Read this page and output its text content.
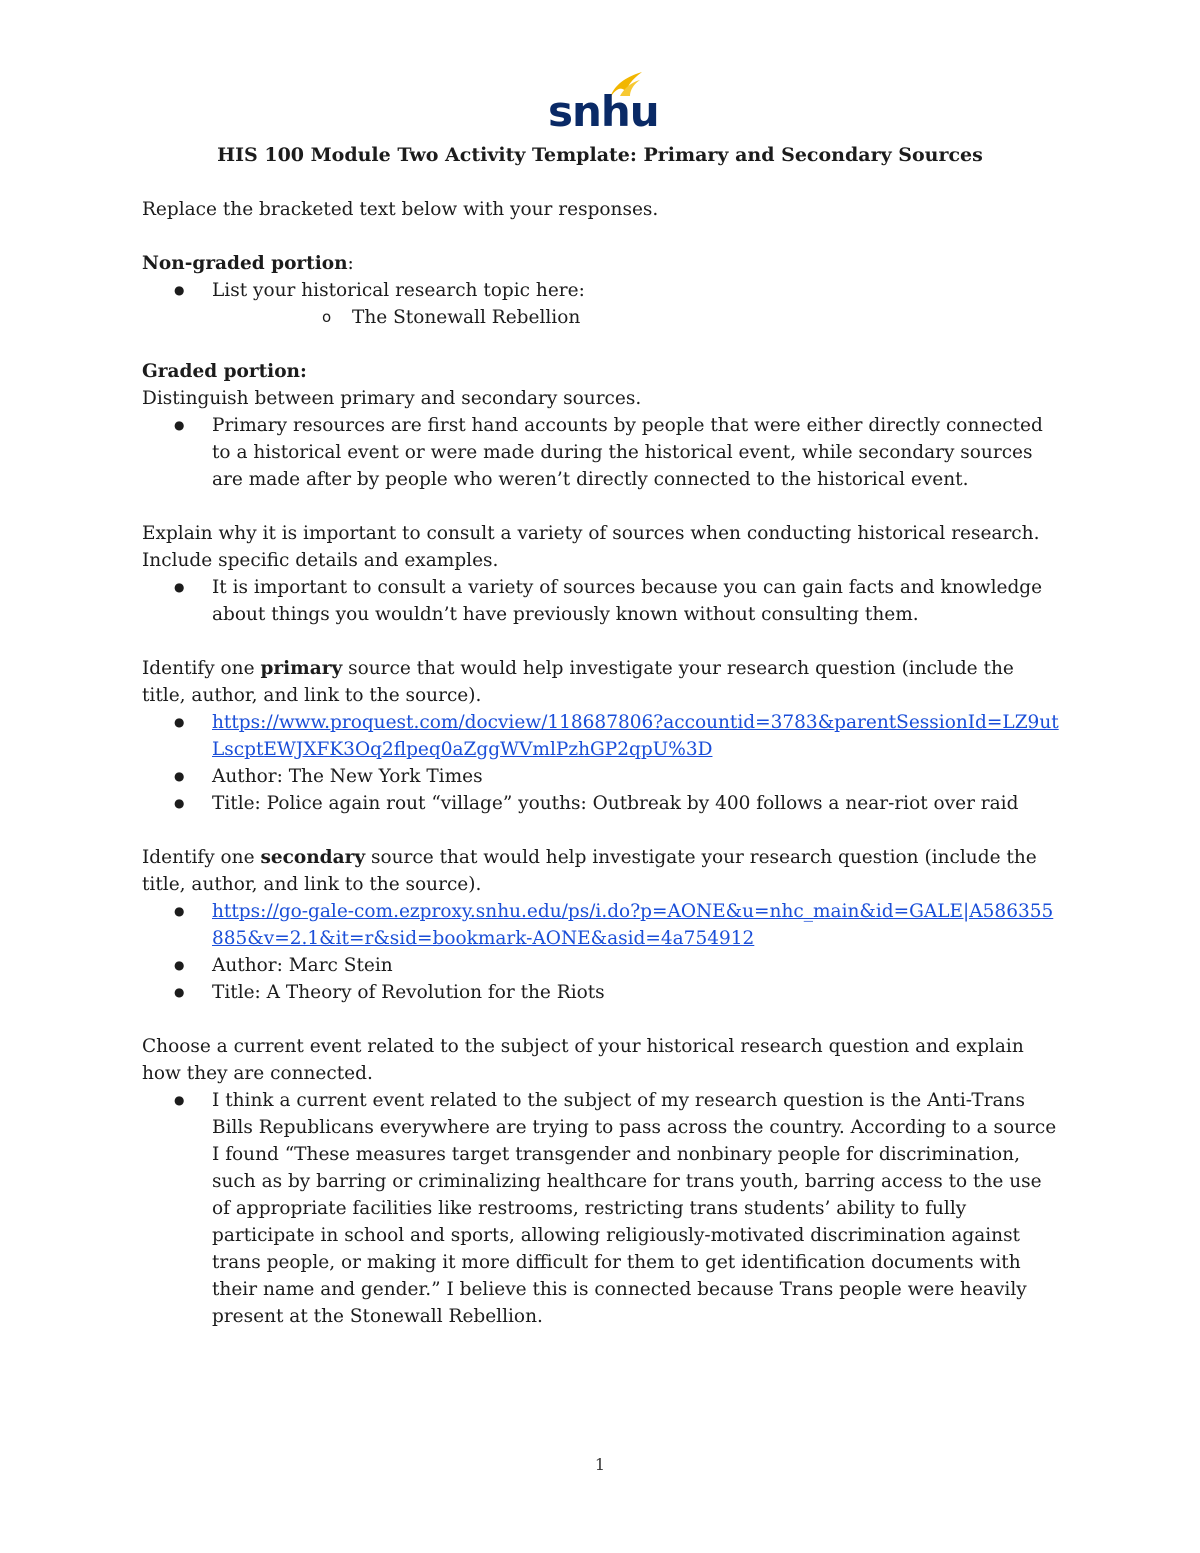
snhu
HIS 100 Module Two Activity Template: Primary and Secondary Sources

Replace the bracketed text below with your responses.

Non-graded portion:

● List your historical research topic here:
o The Stonewall Rebellion

Graded portion:

Distinguish between primary and secondary sources.

● Primary resources are first hand accounts by people that were either directly connected to a historical event or were made during the historical event, while secondary sources are made after by people who weren’t directly connected to the historical event.

Explain why it is important to consult a variety of sources when conducting historical research. Include specific details and examples.

● It is important to consult a variety of sources because you can gain facts and knowledge about things you wouldn’t have previously known without consulting them.

Identify one primary source that would help investigate your research question (include the title, author, and link to the source).

● https://www.proquest.com/docview/118687806?accountid=3783&parentSessionId=LZ9utLscptEWJXFK3Oq2flpeq0aZggWVmlPzhGP2qpU%3D
● Author: The New York Times
● Title: Police again rout “village” youths: Outbreak by 400 follows a near-riot over raid

Identify one secondary source that would help investigate your research question (include the title, author, and link to the source).

● https://go-gale-com.ezproxy.snhu.edu/ps/i.do?p=AONE&u=nhc_main&id=GALE|A586355885&v=2.1&it=r&sid=bookmark-AONE&asid=4a754912
● Author: Marc Stein
● Title: A Theory of Revolution for the Riots

Choose a current event related to the subject of your historical research question and explain how they are connected.

● I think a current event related to the subject of my research question is the Anti-Trans Bills Republicans everywhere are trying to pass across the country. According to a source I found “These measures target transgender and nonbinary people for discrimination, such as by barring or criminalizing healthcare for trans youth, barring access to the use of appropriate facilities like restrooms, restricting trans students’ ability to fully participate in school and sports, allowing religiously-motivated discrimination against trans people, or making it more difficult for them to get identification documents with their name and gender.” I believe this is connected because Trans people were heavily present at the Stonewall Rebellion.
1
